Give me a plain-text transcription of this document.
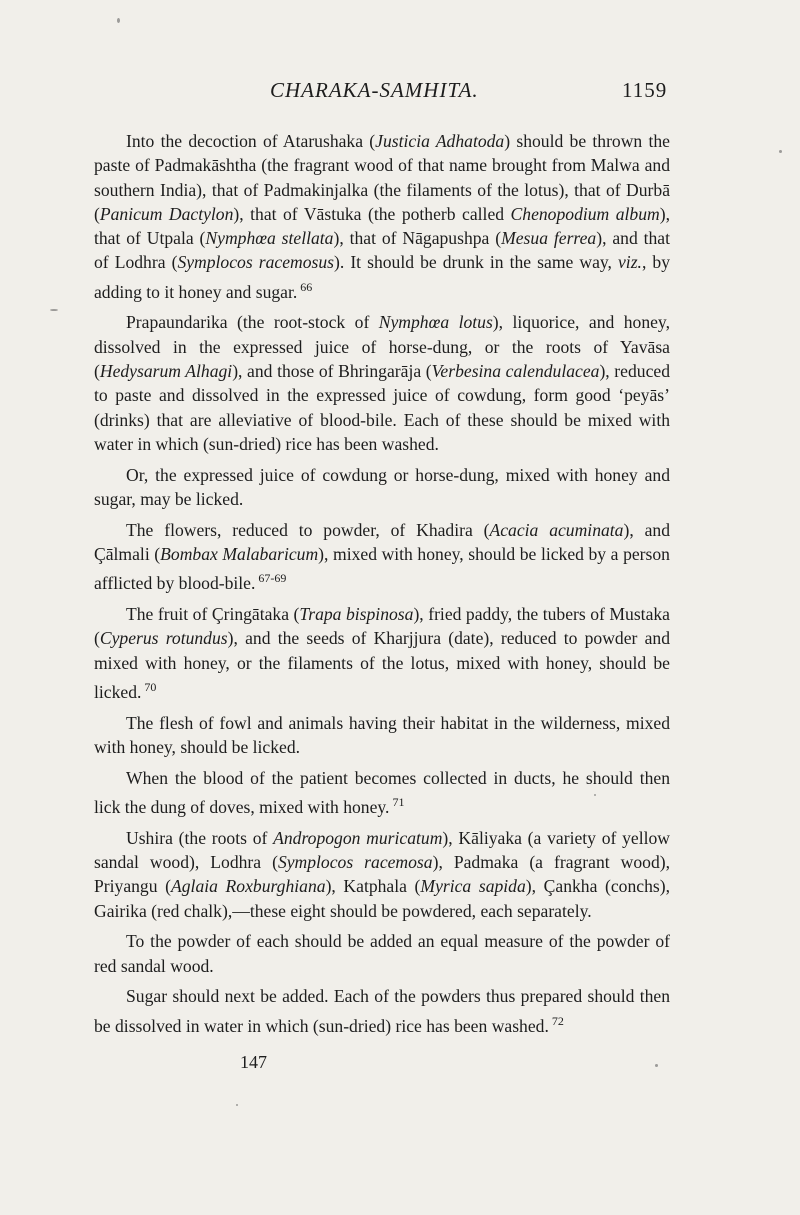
CHARAKA-SAMHITA.	1159

Into the decoction of Atarushaka (Justicia Adhatoda) should be thrown the paste of Padmakāshtha (the fragrant wood of that name brought from Malwa and southern India), that of Padmakinjalka (the filaments of the lotus), that of Durbā (Panicum Dactylon), that of Vāstuka (the potherb called Chenopodium album), that of Utpala (Nymphœa stellata), that of Nāgapushpa (Mesua ferrea), and that of Lodhra (Symplocos racemosus). It should be drunk in the same way, viz., by adding to it honey and sugar. $^{66}$

Prapaundarika (the root-stock of Nymphœa lotus), liquorice, and honey, dissolved in the expressed juice of horse-dung, or the roots of Yavāsa (Hedysarum Alhagi), and those of Bhringarāja (Verbesina calendulacea), reduced to paste and dissolved in the expressed juice of cowdung, form good ‘peyās’ (drinks) that are alleviative of blood-bile. Each of these should be mixed with water in which (sun-dried) rice has been washed.

Or, the expressed juice of cowdung or horse-dung, mixed with honey and sugar, may be licked.

The flowers, reduced to powder, of Khadira (Acacia acuminata), and Çālmali (Bombax Malabaricum), mixed with honey, should be licked by a person afflicted by blood-bile. $^{67-69}$

The fruit of Çringātaka (Trapa bispinosa), fried paddy, the tubers of Mustaka (Cyperus rotundus), and the seeds of Kharjjura (date), reduced to powder and mixed with honey, or the filaments of the lotus, mixed with honey, should be licked. $^{70}$

The flesh of fowl and animals having their habitat in the wilderness, mixed with honey, should be licked.

When the blood of the patient becomes collected in ducts, he should then lick the dung of doves, mixed with honey. $^{71}$

Ushira (the roots of Andropogon muricatum), Kāliyaka (a variety of yellow sandal wood), Lodhra (Symplocos racemosa), Padmaka (a fragrant wood), Priyangu (Aglaia Roxburghiana), Katphala (Myrica sapida), Çankha (conchs), Gairika (red chalk),—these eight should be powdered, each separately.

To the powder of each should be added an equal measure of the powder of red sandal wood.

Sugar should next be added. Each of the powders thus prepared should then be dissolved in water in which (sun-dried) rice has been washed. $^{72}$

147
